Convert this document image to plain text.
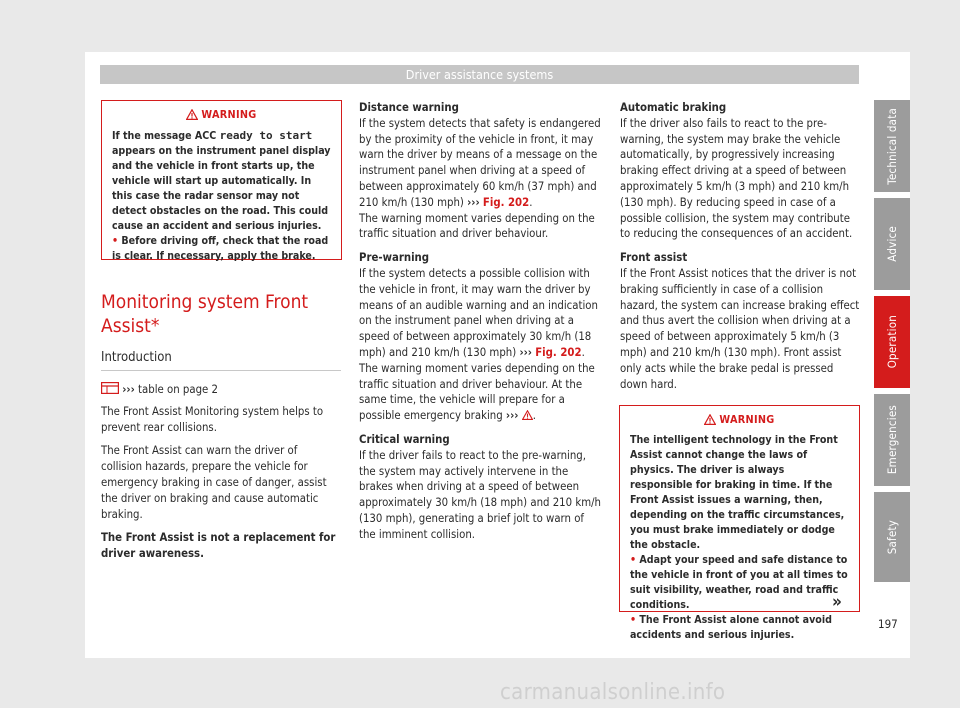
Driver assistance systems
WARNING

If the message ACC ready to start appears on the instrument panel display and the vehicle in front starts up, the vehicle will start up automatically. In this case the radar sensor may not detect obstacles on the road. This could cause an accident and serious injuries.

• Before driving off, check that the road is clear. If necessary, apply the brake.

Monitoring system Front Assist*
Introduction

››› table on page 2

The Front Assist Monitoring system helps to prevent rear collisions.

The Front Assist can warn the driver of collision hazards, prepare the vehicle for emergency braking in case of danger, assist the driver on braking and cause automatic braking.

The Front Assist is not a replacement for driver awareness.

Distance warning

If the system detects that safety is endangered by the proximity of the vehicle in front, it may warn the driver by means of a message on the instrument panel when driving at a speed of between approximately 60 km/h (37 mph) and 210 km/h (130 mph) ››› Fig. 202.

The warning moment varies depending on the traffic situation and driver behaviour.

Pre-warning

If the system detects a possible collision with the vehicle in front, it may warn the driver by means of an audible warning and an indication on the instrument panel when driving at a speed of between approximately 30 km/h (18 mph) and 210 km/h (130 mph) ››› Fig. 202.

The warning moment varies depending on the traffic situation and driver behaviour. At the same time, the vehicle will prepare for a possible emergency braking ››› .

Critical warning

If the driver fails to react to the pre-warning, the system may actively intervene in the brakes when driving at a speed of between approximately 30 km/h (18 mph) and 210 km/h (130 mph), generating a brief jolt to warn of the imminent collision.

Automatic braking

If the driver also fails to react to the pre-warning, the system may brake the vehicle automatically, by progressively increasing braking effect driving at a speed of between approximately 5 km/h (3 mph) and 210 km/h (130 mph). By reducing speed in case of a possible collision, the system may contribute to reducing the consequences of an accident.

Front assist

If the Front Assist notices that the driver is not braking sufficiently in case of a collision hazard, the system can increase braking effect and thus avert the collision when driving at a speed of between approximately 5 km/h (3 mph) and 210 km/h (130 mph). Front assist only acts while the brake pedal is pressed down hard.

WARNING

The intelligent technology in the Front Assist cannot change the laws of physics. The driver is always responsible for braking in time. If the Front Assist issues a warning, then, depending on the traffic circumstances, you must brake immediately or dodge the obstacle.

• Adapt your speed and safe distance to the vehicle in front of you at all times to suit visibility, weather, road and traffic conditions.

• The Front Assist alone cannot avoid accidents and serious injuries.

»
Technical data
Advice
Operation
Emergencies
Safety
197
carmanualsonline.info
